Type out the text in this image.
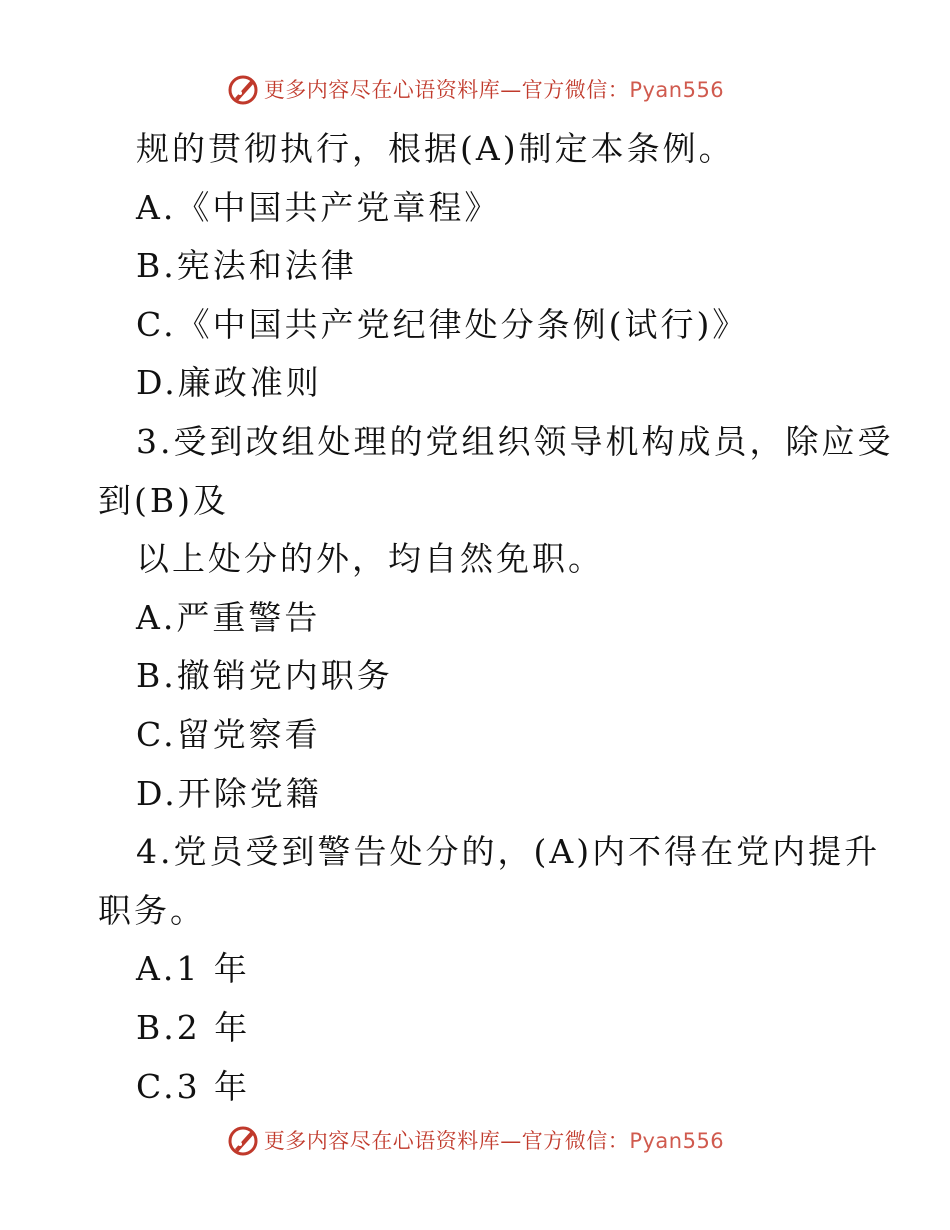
更多内容尽在心语资料库—官方微信：Pyan556
规的贯彻执行，根据(A)制定本条例。
A.《中国共产党章程》
B.宪法和法律
C.《中国共产党纪律处分条例(试行)》
D.廉政准则
3.受到改组处理的党组织领导机构成员，除应受
到(B)及
以上处分的外，均自然免职。
A.严重警告
B.撤销党内职务
C.留党察看
D.开除党籍
4.党员受到警告处分的，(A)内不得在党内提升
职务。
A.1 年
B.2 年
C.3 年
更多内容尽在心语资料库—官方微信：Pyan556
